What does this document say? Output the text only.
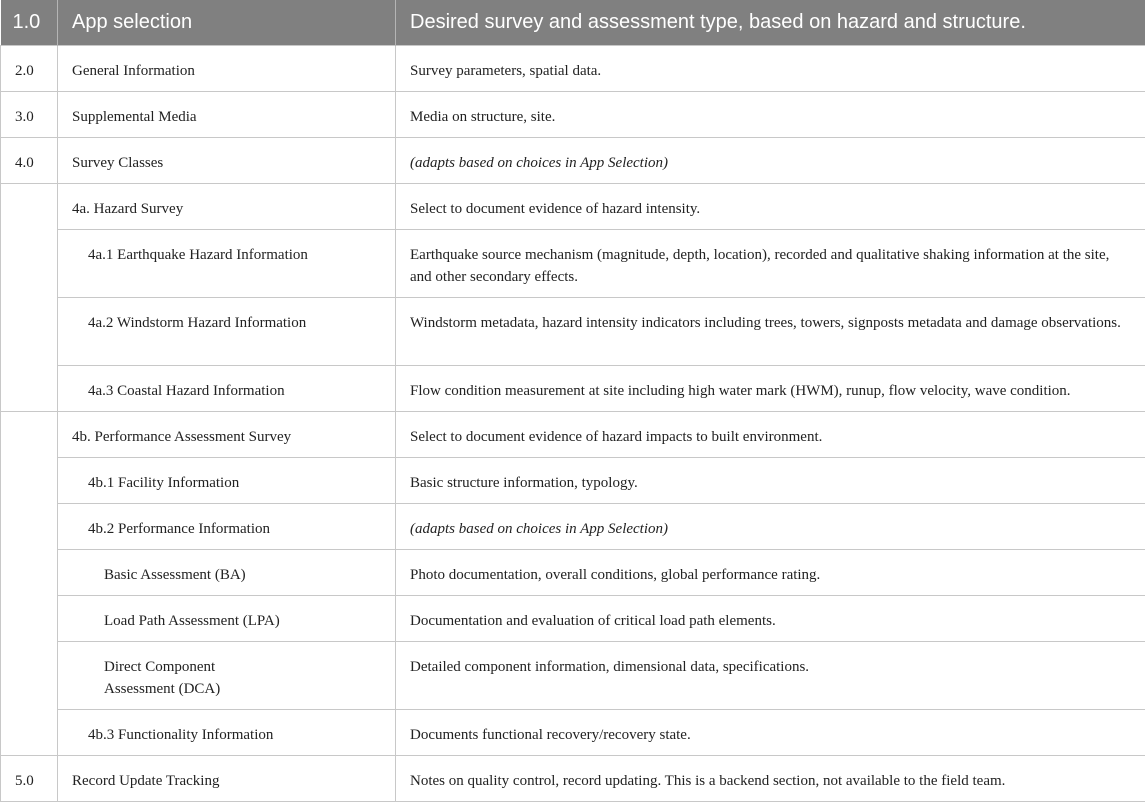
1.0	App selection	Desired survey and assessment type, based on hazard and structure.
2.0	General Information	Survey parameters, spatial data.
3.0	Supplemental Media	Media on structure, site.
4.0	Survey Classes	(adapts based on choices in App Selection)
	4a. Hazard Survey	Select to document evidence of hazard intensity.
	4a.1 Earthquake Hazard Information	Earthquake source mechanism (magnitude, depth, location), recorded and qualitative shaking information at the site, and other secondary effects.
	4a.2 Windstorm Hazard Information	Windstorm metadata, hazard intensity indicators including trees, towers, signposts metadata and damage observations.
	4a.3 Coastal Hazard Information	Flow condition measurement at site including high water mark (HWM), runup, flow velocity, wave condition.
	4b. Performance Assessment Survey	Select to document evidence of hazard impacts to built environment.
	4b.1 Facility Information	Basic structure information, typology.
	4b.2 Performance Information	(adapts based on choices in App Selection)
	Basic Assessment (BA)	Photo documentation, overall conditions, global performance rating.
	Load Path Assessment (LPA)	Documentation and evaluation of critical load path elements.
	Direct Component Assessment (DCA)	Detailed component information, dimensional data, specifications.
	4b.3 Functionality Information	Documents functional recovery/recovery state.
5.0	Record Update Tracking	Notes on quality control, record updating. This is a backend section, not available to the field team.
